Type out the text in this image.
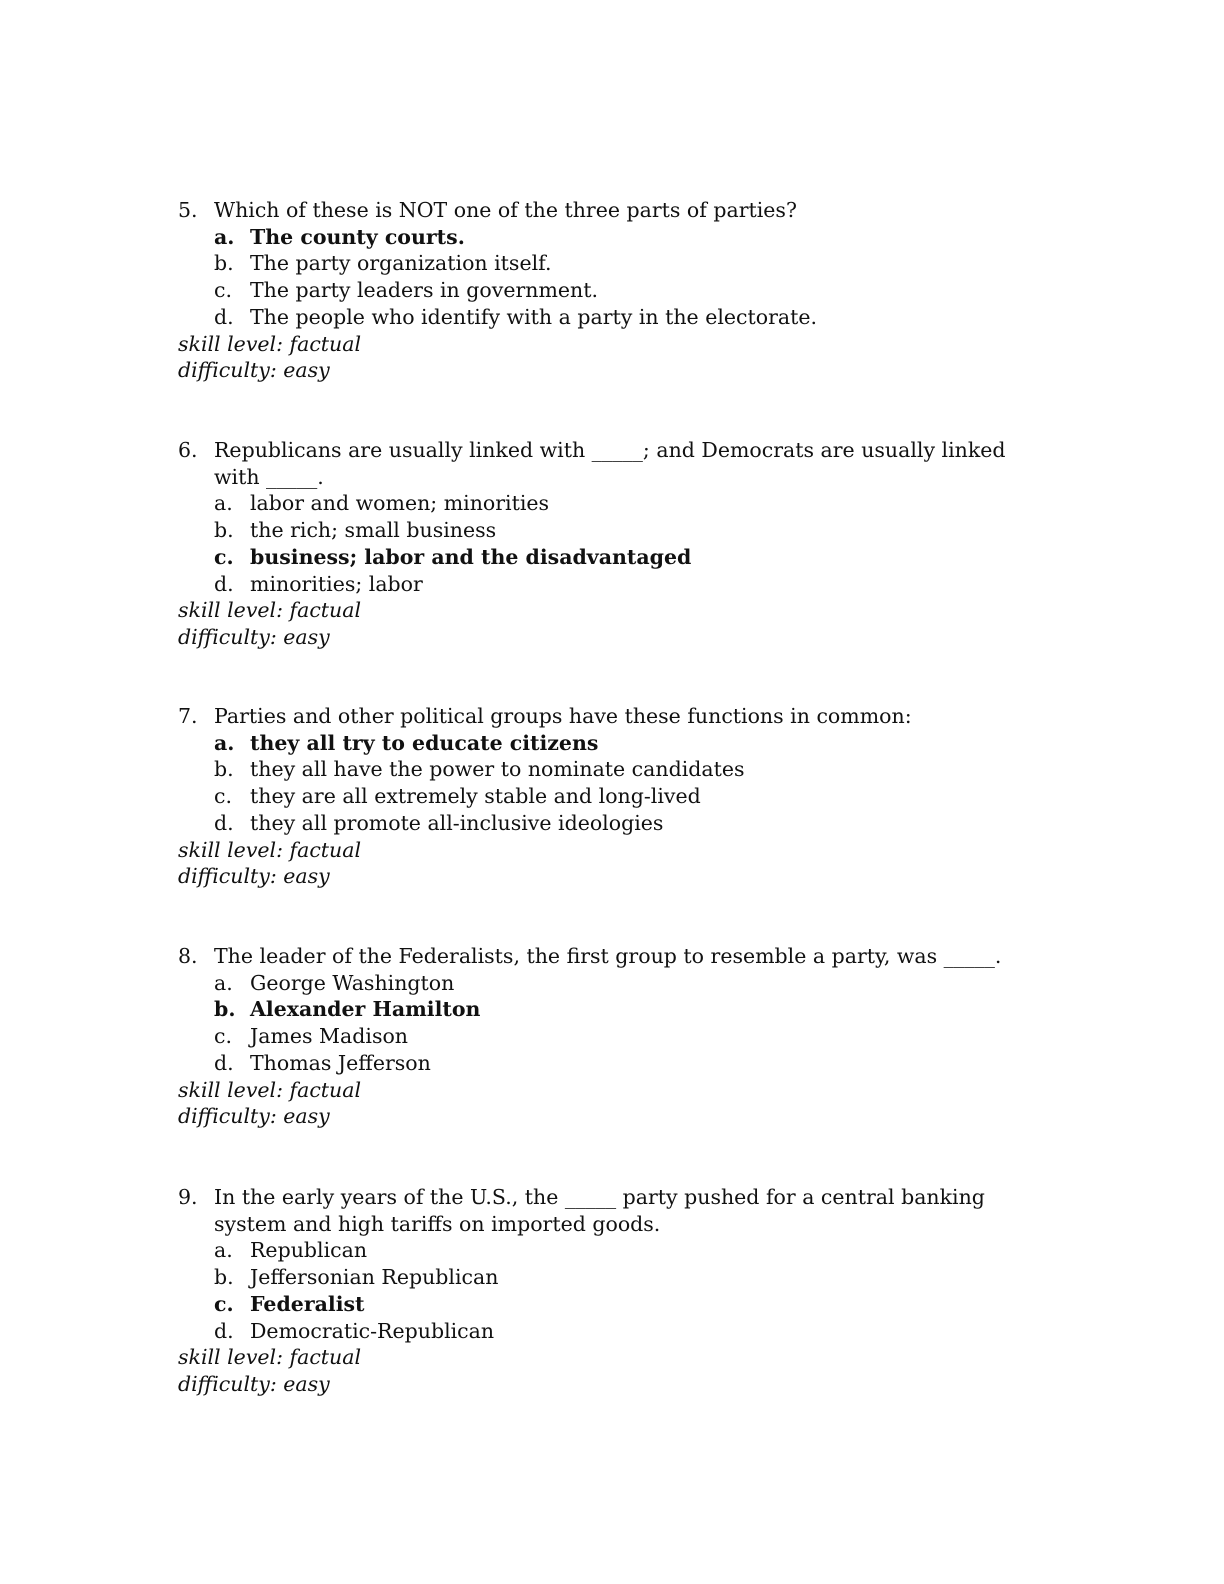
5. Which of these is NOT one of the three parts of parties?
a. The county courts.
b. The party organization itself.
c. The party leaders in government.
d. The people who identify with a party in the electorate.
skill level: factual
difficulty: easy
6. Republicans are usually linked with _____; and Democrats are usually linked with _____.
a. labor and women; minorities
b. the rich; small business
c. business; labor and the disadvantaged
d. minorities; labor
skill level: factual
difficulty: easy
7. Parties and other political groups have these functions in common:
a. they all try to educate citizens
b. they all have the power to nominate candidates
c. they are all extremely stable and long-lived
d. they all promote all-inclusive ideologies
skill level: factual
difficulty: easy
8. The leader of the Federalists, the first group to resemble a party, was _____.
a. George Washington
b. Alexander Hamilton
c. James Madison
d. Thomas Jefferson
skill level: factual
difficulty: easy
9. In the early years of the U.S., the _____ party pushed for a central banking system and high tariffs on imported goods.
a. Republican
b. Jeffersonian Republican
c. Federalist
d. Democratic-Republican
skill level: factual
difficulty: easy
